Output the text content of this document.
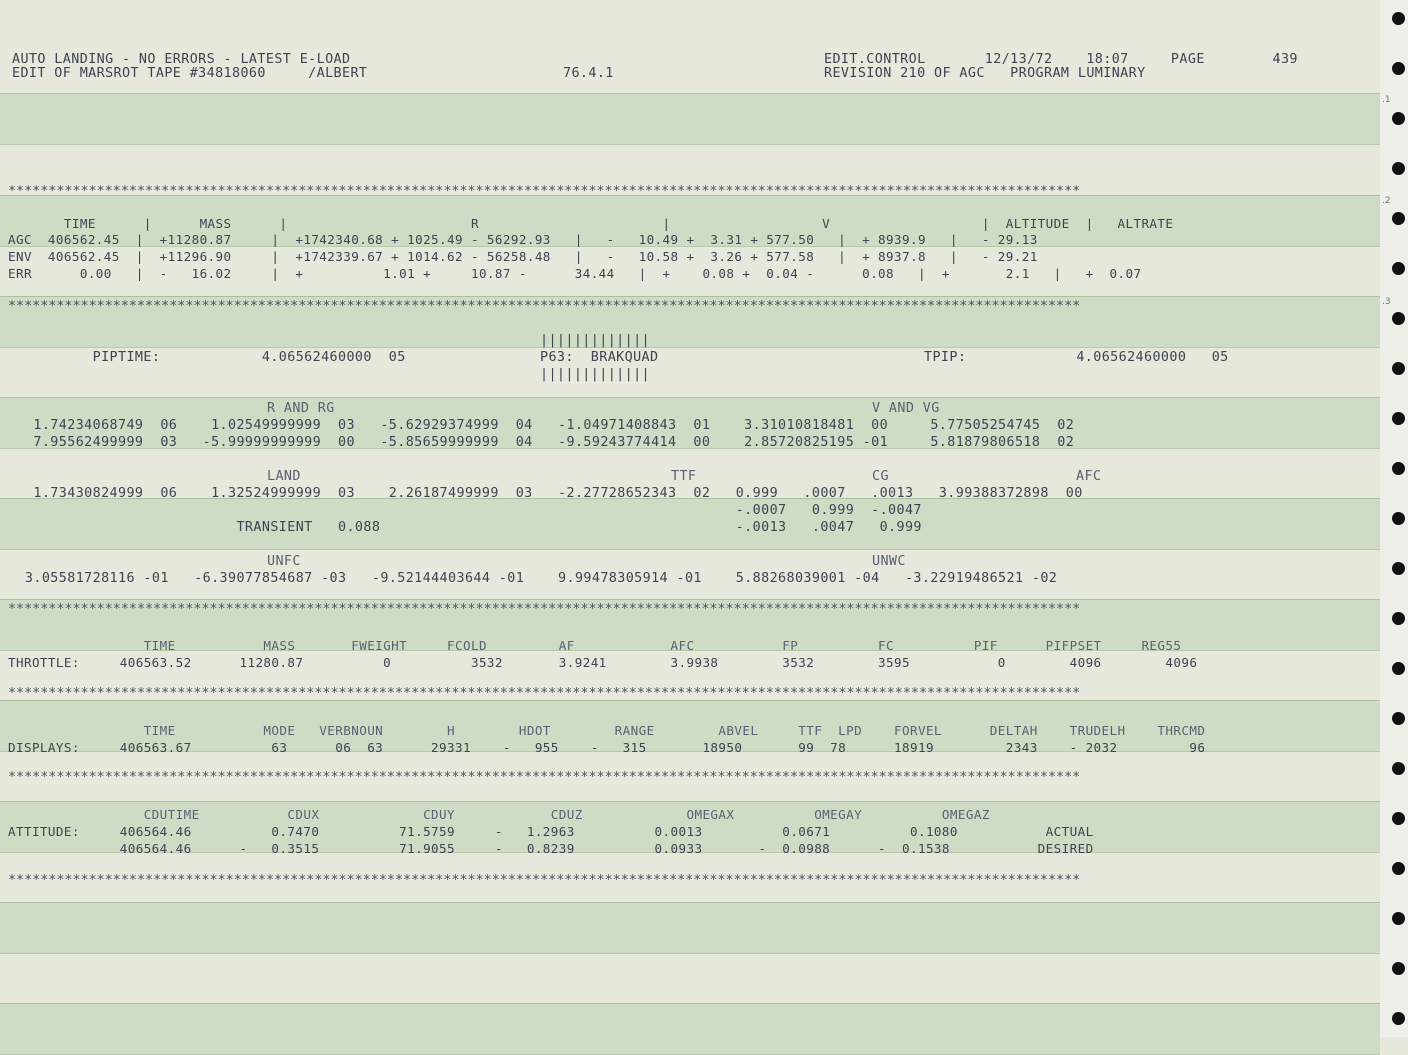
.1
.2
.3
AUTO LANDING - NO ERRORS - LATEST E-LOAD
EDIT OF MARSROT TAPE #34818060     /ALBERT	76.4.1
EDIT.CONTROL       12/13/72    18:07     PAGE        439
REVISION 210 OF AGC   PROGRAM LUMINARY
*************************************************************************************************************************************
*************************************************************************************************************************************
*************************************************************************************************************************************
*************************************************************************************************************************************
*************************************************************************************************************************************
*************************************************************************************************************************************
TIME      |      MASS      |                       R                       |                   V                   |  ALTITUDE  |   ALTRATE
AGC  406562.45  |  +11280.87     |  +1742340.68 + 1025.49 - 56292.93   |   -   10.49 +  3.31 + 577.50   |  + 8939.9   |   - 29.13
ENV  406562.45  |  +11296.90     |  +1742339.67 + 1014.62 - 56258.48   |   -   10.58 +  3.26 + 577.58   |  + 8937.8   |   - 29.21
ERR      0.00   |  -   16.02     |  +          1.01 +     10.87 -      34.44   |  +    0.08 +  0.04 -      0.08   |  +       2.1   |   +  0.07
|||||||||||||
PIPTIME:            4.06562460000  05	P63:  BRAKQUAD	TPIP:             4.06562460000   05
|||||||||||||
R AND RG	V AND VG
1.74234068749  06    1.02549999999  03   -5.62929374999  04   -1.04971408843  01    3.31010818481  00     5.77505254745  02
7.95562499999  03   -5.99999999999  00   -5.85659999999  04   -9.59243774414  00    2.85720825195 -01     5.81879806518  02
LAND	TTF	CG	AFC
1.73430824999  06    1.32524999999  03    2.26187499999  03   -2.27728652343  02   0.999   .0007   .0013   3.99388372898  00
-.0007   0.999  -.0047
TRANSIENT   0.088                                          -.0013   .0047   0.999
UNFC	UNWC
3.05581728116 -01   -6.39077854687 -03   -9.52144403644 -01    9.99478305914 -01    5.88268039001 -04   -3.22919486521 -02
TIME           MASS       FWEIGHT     FCOLD         AF            AFC           FP          FC          PIF      PIFPSET     REG55
THROTTLE:     406563.52      11280.87          0          3532       3.9241        3.9938        3532        3595           0        4096        4096
TIME           MODE   VERBNOUN        H        HDOT        RANGE        ABVEL     TTF  LPD    FORVEL      DELTAH    TRUDELH    THRCMD
DISPLAYS:     406563.67          63      06  63      29331    -   955    -   315       18950       99  78      18919         2343    - 2032         96
CDUTIME           CDUX             CDUY            CDUZ             OMEGAX          OMEGAY          OMEGAZ
ATTITUDE:     406564.46          0.7470          71.5759     -   1.2963          0.0013          0.0671          0.1080           ACTUAL
406564.46      -   0.3515          71.9055     -   0.8239          0.0933       -  0.0988      -  0.1538           DESIRED
